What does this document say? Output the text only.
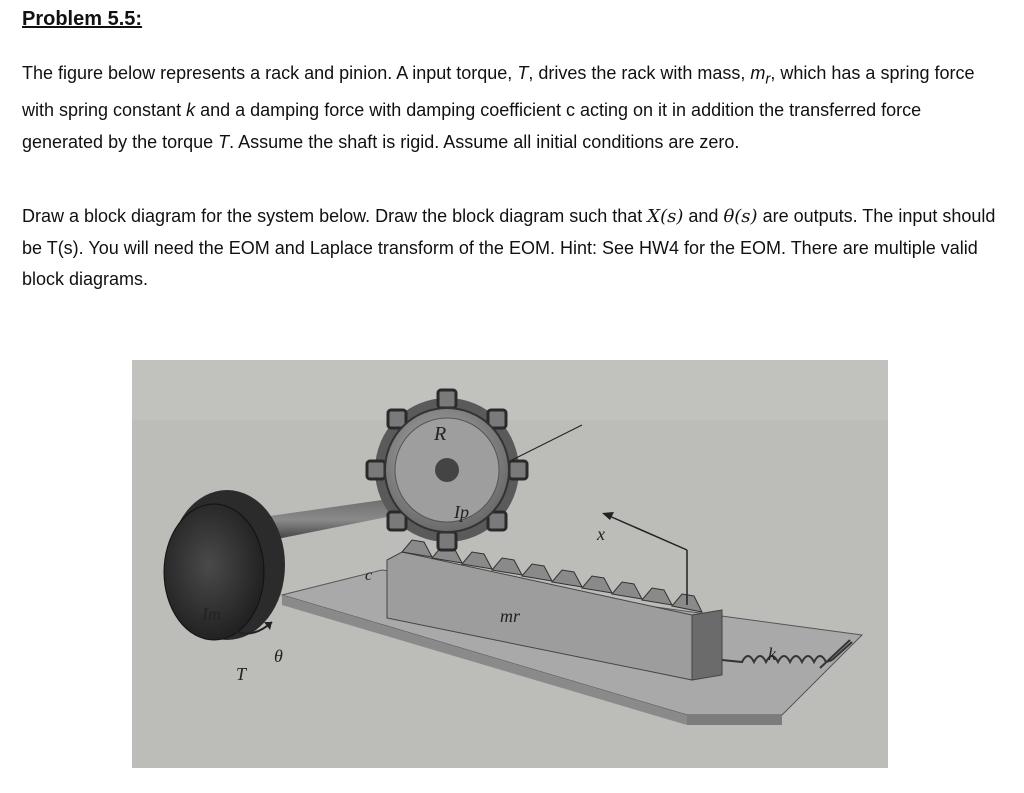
Problem 5.5:

The figure below represents a rack and pinion. A input torque, T, drives the rack with mass, $m_r$, which has a spring force with spring constant k and a damping force with damping coefficient c acting on it in addition the transferred force generated by the torque T. Assume the shaft is rigid. Assume all initial conditions are zero.

Draw a block diagram for the system below. Draw the block diagram such that X(s) and θ(s) are outputs. The input should be T(s). You will need the EOM and Laplace transform of the EOM. Hint: See HW4 for the EOM. There are multiple valid block diagrams.

R
Ip
x
c
mr
k
Im
T
θ
